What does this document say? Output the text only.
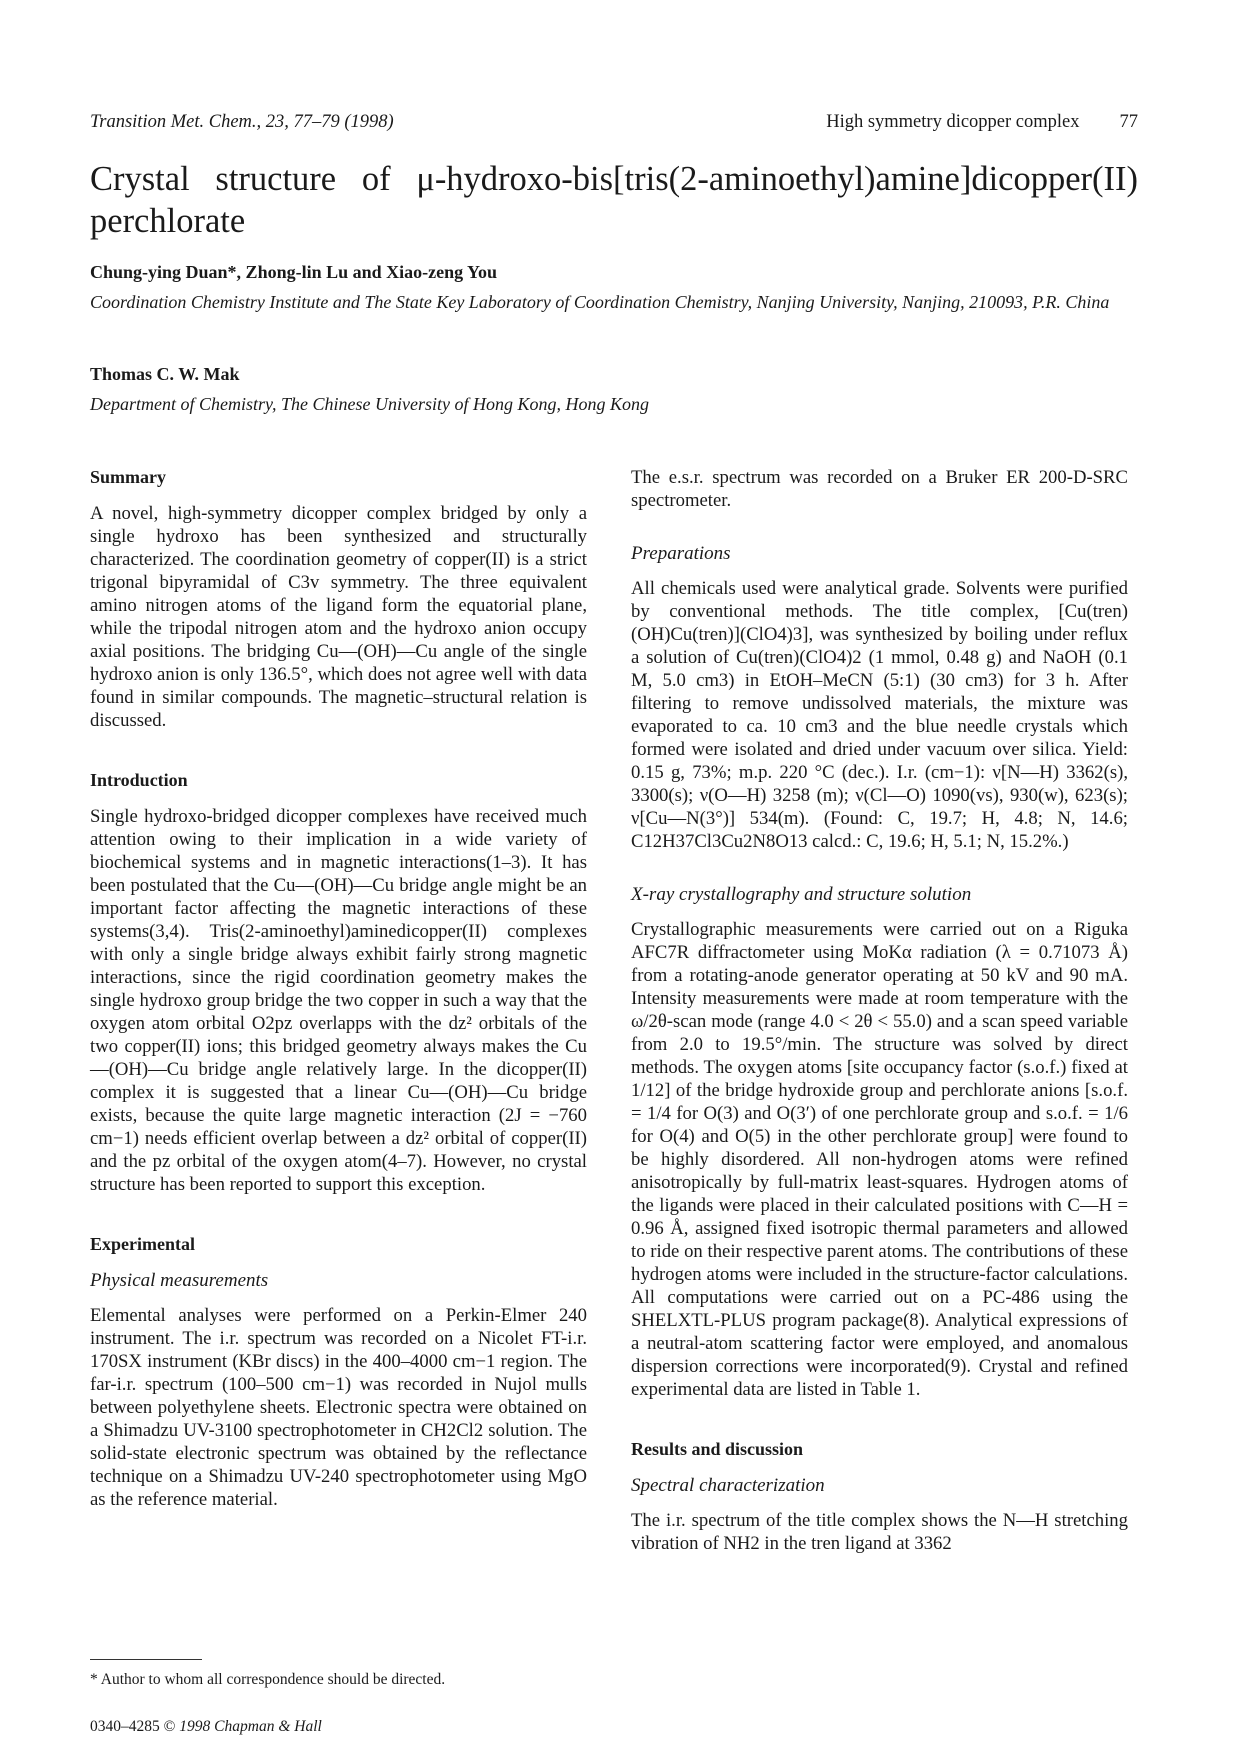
Transition Met. Chem., 23, 77–79 (1998)	High symmetry dicopper complex 77
Crystal structure of μ-hydroxo-bis[tris(2-aminoethyl)amine]dicopper(II) perchlorate
Chung-ying Duan*, Zhong-lin Lu and Xiao-zeng You
Coordination Chemistry Institute and The State Key Laboratory of Coordination Chemistry, Nanjing University, Nanjing, 210093, P.R. China
Thomas C. W. Mak
Department of Chemistry, The Chinese University of Hong Kong, Hong Kong
Summary

A novel, high-symmetry dicopper complex bridged by only a single hydroxo has been synthesized and structurally characterized. The coordination geometry of copper(II) is a strict trigonal bipyramidal of C3v symmetry. The three equivalent amino nitrogen atoms of the ligand form the equatorial plane, while the tripodal nitrogen atom and the hydroxo anion occupy axial positions. The bridging Cu—(OH)—Cu angle of the single hydroxo anion is only 136.5°, which does not agree well with data found in similar compounds. The magnetic–structural relation is discussed.

Introduction

Single hydroxo-bridged dicopper complexes have received much attention owing to their implication in a wide variety of biochemical systems and in magnetic interactions(1–3). It has been postulated that the Cu—(OH)—Cu bridge angle might be an important factor affecting the magnetic interactions of these systems(3,4). Tris(2-aminoethyl)aminedicopper(II) complexes with only a single bridge always exhibit fairly strong magnetic interactions, since the rigid coordination geometry makes the single hydroxo group bridge the two copper in such a way that the oxygen atom orbital O2pz overlapps with the dz² orbitals of the two copper(II) ions; this bridged geometry always makes the Cu—(OH)—Cu bridge angle relatively large. In the dicopper(II) complex it is suggested that a linear Cu—(OH)—Cu bridge exists, because the quite large magnetic interaction (2J = −760 cm−1) needs efficient overlap between a dz² orbital of copper(II) and the pz orbital of the oxygen atom(4–7). However, no crystal structure has been reported to support this exception.

Experimental
Physical measurements

Elemental analyses were performed on a Perkin-Elmer 240 instrument. The i.r. spectrum was recorded on a Nicolet FT-i.r. 170SX instrument (KBr discs) in the 400–4000 cm−1 region. The far-i.r. spectrum (100–500 cm−1) was recorded in Nujol mulls between polyethylene sheets. Electronic spectra were obtained on a Shimadzu UV-3100 spectrophotometer in CH2Cl2 solution. The solid-state electronic spectrum was obtained by the reflectance technique on a Shimadzu UV-240 spectrophotometer using MgO as the reference material.

The e.s.r. spectrum was recorded on a Bruker ER 200-D-SRC spectrometer.

Preparations

All chemicals used were analytical grade. Solvents were purified by conventional methods. The title complex, [Cu(tren)(OH)Cu(tren)](ClO4)3], was synthesized by boiling under reflux a solution of Cu(tren)(ClO4)2 (1 mmol, 0.48 g) and NaOH (0.1 M, 5.0 cm3) in EtOH–MeCN (5:1) (30 cm3) for 3 h. After filtering to remove undissolved materials, the mixture was evaporated to ca. 10 cm3 and the blue needle crystals which formed were isolated and dried under vacuum over silica. Yield: 0.15 g, 73%; m.p. 220 °C (dec.). I.r. (cm−1): ν[N—H) 3362(s), 3300(s); ν(O—H) 3258 (m); ν(Cl—O) 1090(vs), 930(w), 623(s); ν[Cu—N(3°)] 534(m). (Found: C, 19.7; H, 4.8; N, 14.6; C12H37Cl3Cu2N8O13 calcd.: C, 19.6; H, 5.1; N, 15.2%.)

X-ray crystallography and structure solution

Crystallographic measurements were carried out on a Riguka AFC7R diffractometer using MoKα radiation (λ = 0.71073 Å) from a rotating-anode generator operating at 50 kV and 90 mA. Intensity measurements were made at room temperature with the ω/2θ-scan mode (range 4.0 < 2θ < 55.0) and a scan speed variable from 2.0 to 19.5°/min. The structure was solved by direct methods. The oxygen atoms [site occupancy factor (s.o.f.) fixed at 1/12] of the bridge hydroxide group and perchlorate anions [s.o.f. = 1/4 for O(3) and O(3′) of one perchlorate group and s.o.f. = 1/6 for O(4) and O(5) in the other perchlorate group] were found to be highly disordered. All non-hydrogen atoms were refined anisotropically by full-matrix least-squares. Hydrogen atoms of the ligands were placed in their calculated positions with C—H = 0.96 Å, assigned fixed isotropic thermal parameters and allowed to ride on their respective parent atoms. The contributions of these hydrogen atoms were included in the structure-factor calculations. All computations were carried out on a PC-486 using the SHELXTL-PLUS program package(8). Analytical expressions of a neutral-atom scattering factor were employed, and anomalous dispersion corrections were incorporated(9). Crystal and refined experimental data are listed in Table 1.

Results and discussion
Spectral characterization

The i.r. spectrum of the title complex shows the N—H stretching vibration of NH2 in the tren ligand at 3362

* Author to whom all correspondence should be directed.
0340–4285 © 1998 Chapman & Hall
